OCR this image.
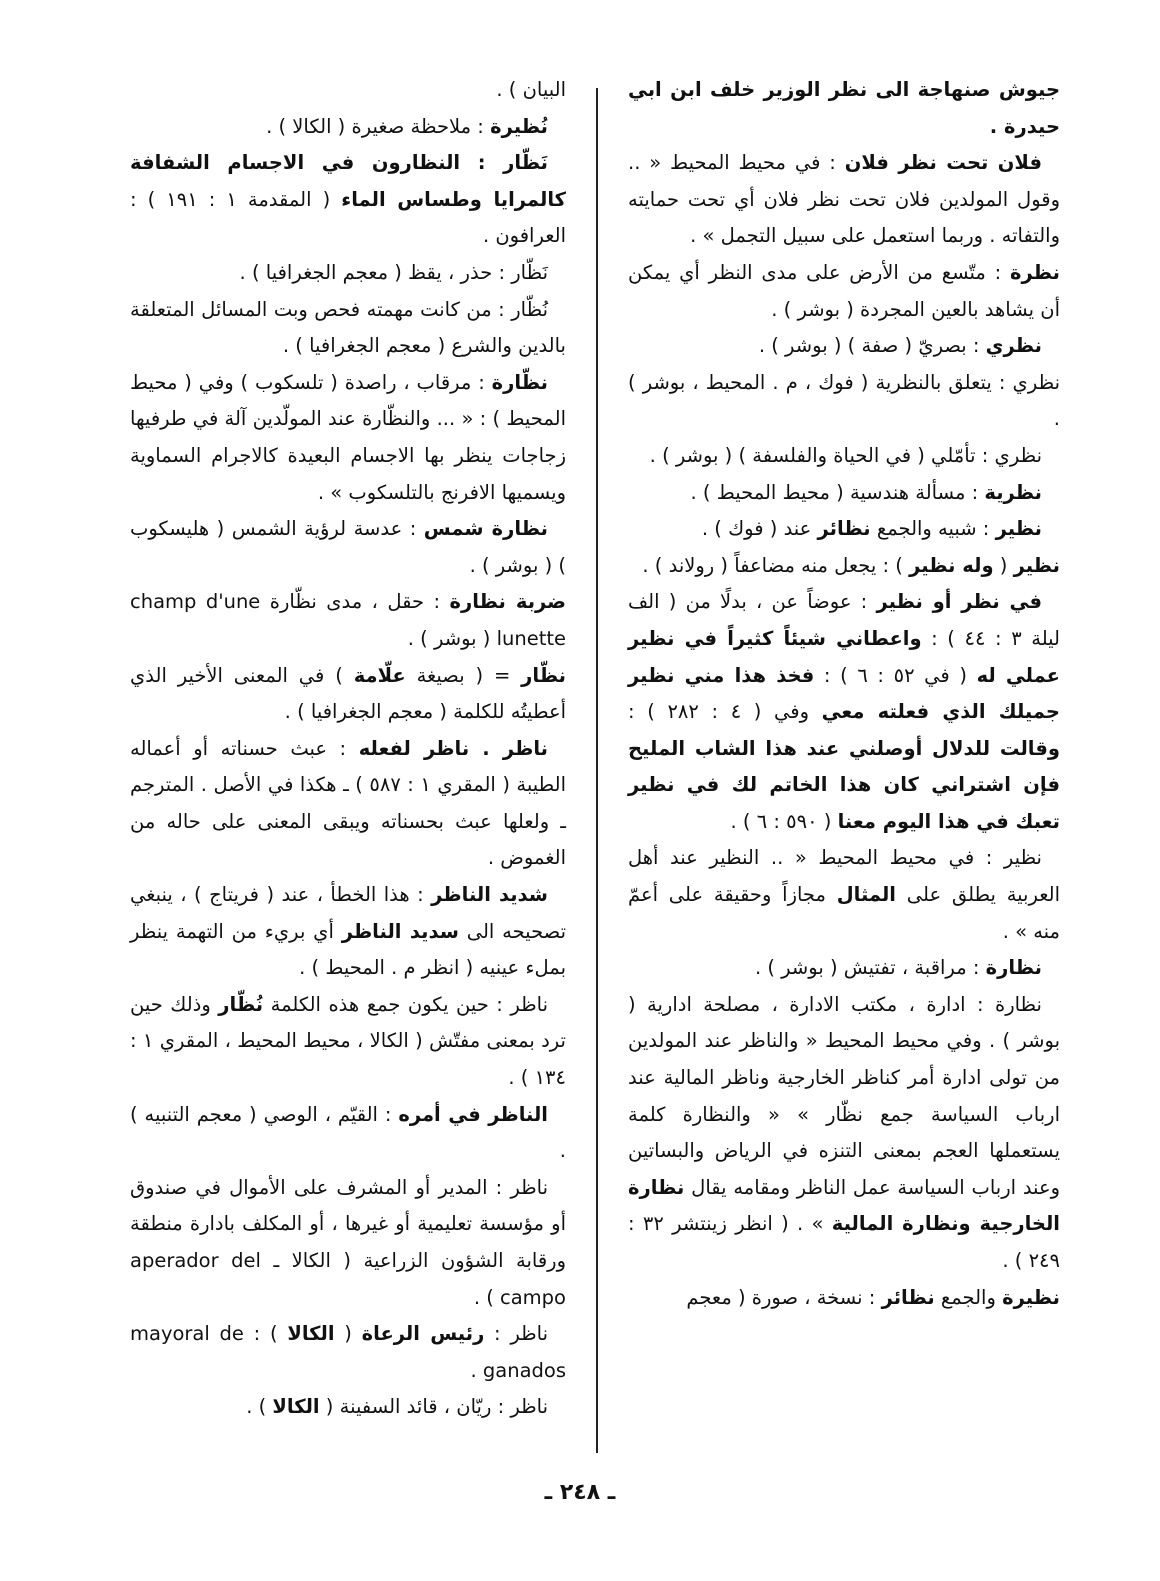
جيوش صنهاجة الى نظر الوزير خلف ابن ابي حيدرة .

فلان تحت نظر فلان : في محيط المحيط « .. وقول المولدين فلان تحت نظر فلان أي تحت حمايته والتفاته . وربما استعمل على سبيل التجمل » .

نظرة : متّسع من الأرض على مدى النظر أي يمكن أن يشاهد بالعين المجردة ( بوشر ) .

نظري : بصريّ ( صفة ) ( بوشر ) .

نظري : يتعلق بالنظرية ( فوك ، م . المحيط ، بوشر ) .

نظري : تأمّلي ( في الحياة والفلسفة ) ( بوشر ) .

نظرية : مسألة هندسية ( محيط المحيط ) .

نظير : شبيه والجمع نظائر عند ( فوك ) .

نظير ( وله نظير ) : يجعل منه مضاعفاً ( رولاند ) .

في نظر أو نظير : عوضاً عن ، بدلًا من ( الف ليلة ٣ : ٤٤ ) : واعطاني شيئاً كثيراً في نظير عملي له ( في ٥٢ : ٦ ) : فخذ هذا مني نظير جميلك الذي فعلته معي وفي ( ٤ : ٢٨٢ ) : وقالت للدلال أوصلني عند هذا الشاب المليح فإن اشتراني كان هذا الخاتم لك في نظير تعبك في هذا اليوم معنا ( ٥٩٠ : ٦ ) .

نظير : في محيط المحيط « .. النظير عند أهل العربية يطلق على المثال مجازاً وحقيقة على أعمّ منه » .

نظارة : مراقبة ، تفتيش ( بوشر ) .

نظارة : ادارة ، مكتب الادارة ، مصلحة ادارية ( بوشر ) . وفي محيط المحيط « والناظر عند المولدين من تولى ادارة أمر كناظر الخارجية وناظر المالية عند ارباب السياسة جمع نظّار » « والنظارة كلمة يستعملها العجم بمعنى التنزه في الرياض والبساتين وعند ارباب السياسة عمل الناظر ومقامه يقال نظارة الخارجية ونظارة المالية » . ( انظر زينتشر ٣٢ : ٢٤٩ ) .

نظيرة والجمع نظائر : نسخة ، صورة ( معجم

البيان ) .

نُظيرة : ملاحظة صغيرة ( الكالا ) .

نَظّار : النظارون في الاجسام الشفافة كالمرايا وطساس الماء ( المقدمة ١ : ١٩١ ) : العرافون .

نَظّار : حذر ، يقظ ( معجم الجغرافيا ) .

نُظّار : من كانت مهمته فحص وبت المسائل المتعلقة بالدين والشرع ( معجم الجغرافيا ) .

نظّارة : مرقاب ، راصدة ( تلسكوب ) وفي ( محيط المحيط ) : « ... والنظّارة عند المولّدين آلة في طرفيها زجاجات ينظر بها الاجسام البعيدة كالاجرام السماوية ويسميها الافرنج بالتلسكوب » .

نظارة شمس : عدسة لرؤية الشمس ( هليسكوب ) ( بوشر ) .

ضربة نظارة : حقل ، مدى نظّارة champ d'une lunette ( بوشر ) .

نظّار = ( بصيغة علّامة ) في المعنى الأخير الذي أعطيتُه للكلمة ( معجم الجغرافيا ) .

ناظر . ناظر لفعله : عبث حسناته أو أعماله الطيبة ( المقري ١ : ٥٨٧ ) ـ هكذا في الأصل . المترجم ـ ولعلها عبث بحسناته ويبقى المعنى على حاله من الغموض .

شديد الناظر : هذا الخطأ ، عند ( فريتاج ) ، ينبغي تصحيحه الى سديد الناظر أي بريء من التهمة ينظر بملء عينيه ( انظر م . المحيط ) .

ناظر : حين يكون جمع هذه الكلمة نُظّار وذلك حين ترد بمعنى مفتّش ( الكالا ، محيط المحيط ، المقري ١ : ١٣٤ ) .

الناظر في أمره : القيّم ، الوصي ( معجم التنبيه ) .

ناظر : المدير أو المشرف على الأموال في صندوق أو مؤسسة تعليمية أو غيرها ، أو المكلف بادارة منطقة ورقابة الشؤون الزراعية ( الكالا ـ aperador del campo ) .

ناظر : رئيس الرعاة ( الكالا ) : mayoral de ganados .

ناظر : ريّان ، قائد السفينة ( الكالا ) .

ـ ٢٤٨ ـ
